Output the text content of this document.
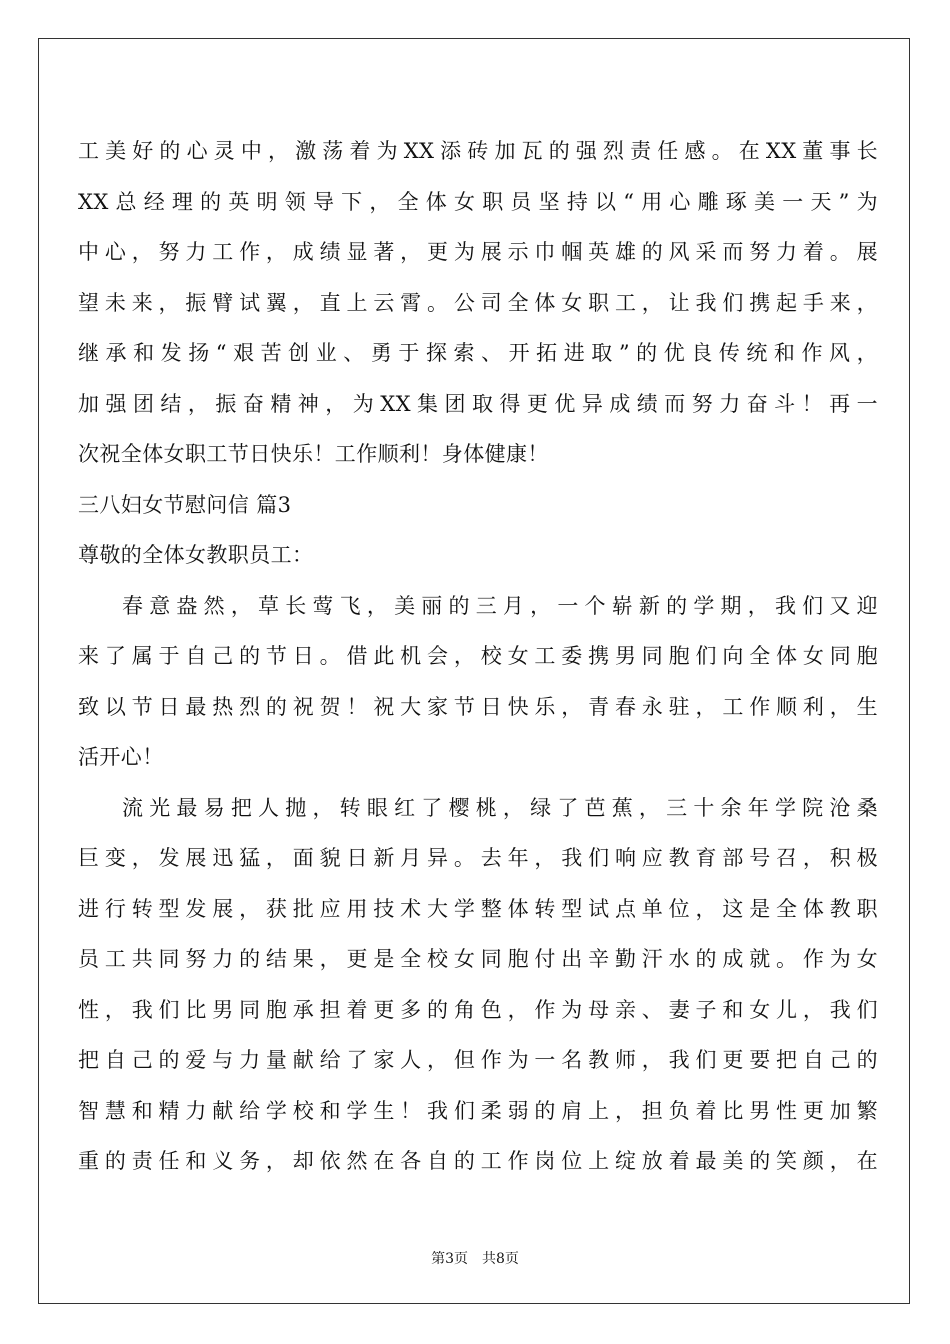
工美好的心灵中，激荡着为XX添砖加瓦的强烈责任感。在XX董事长
XX总经理的英明领导下，全体女职员坚持以“用心雕琢美一天”为
中心，努力工作，成绩显著，更为展示巾帼英雄的风采而努力着。展
望未来，振臂试翼，直上云霄。公司全体女职工，让我们携起手来，
继承和发扬“艰苦创业、勇于探索、开拓进取”的优良传统和作风，
加强团结，振奋精神，为XX集团取得更优异成绩而努力奋斗！再一
次祝全体女职工节日快乐！工作顺利！身体健康！
三八妇女节慰问信 篇3
尊敬的全体女教职员工：
春意盎然，草长莺飞，美丽的三月，一个崭新的学期，我们又迎
来了属于自己的节日。借此机会，校女工委携男同胞们向全体女同胞
致以节日最热烈的祝贺！祝大家节日快乐，青春永驻，工作顺利，生
活开心！
流光最易把人抛，转眼红了樱桃，绿了芭蕉，三十余年学院沧桑
巨变，发展迅猛，面貌日新月异。去年，我们响应教育部号召，积极
进行转型发展，获批应用技术大学整体转型试点单位，这是全体教职
员工共同努力的结果，更是全校女同胞付出辛勤汗水的成就。作为女
性，我们比男同胞承担着更多的角色，作为母亲、妻子和女儿，我们
把自己的爱与力量献给了家人，但作为一名教师，我们更要把自己的
智慧和精力献给学校和学生！我们柔弱的肩上，担负着比男性更加繁
重的责任和义务，却依然在各自的工作岗位上绽放着最美的笑颜，在
第3页　共8页
